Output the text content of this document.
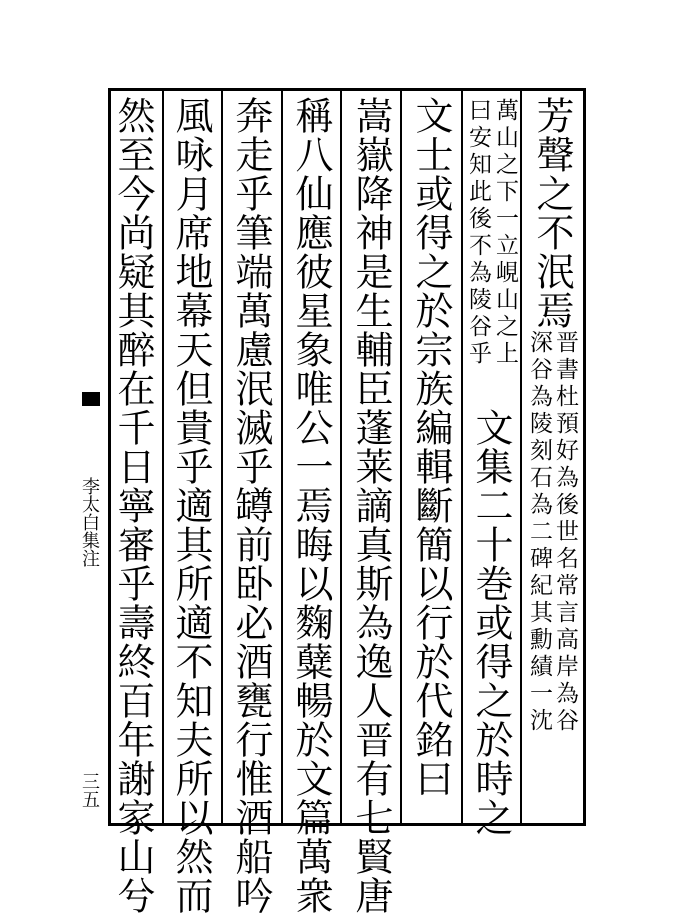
芳聲之不泯焉
晋書杜預好為後世名常言高岸為谷
深谷為陵刻石為二碑紀其勳績一沈
萬山之下一立峴山之上
曰安知此後不為陵谷乎
文集二十巻或得之於時之
文士或得之於宗族編輯斷簡以行於代銘曰
嵩嶽降神是生輔臣蓬莱謫真斯為逸人晋有七賢唐
稱八仙應彼星象唯公一焉晦以麴糵暢於文篇萬衆
奔走乎筆端萬慮泯滅乎罇前卧必酒甕行惟酒船吟
風咏月席地幕天但貴乎適其所適不知夫所以然而
然至今尚疑其醉在千日寧審乎壽終百年謝家山兮
李太白集注
三五
